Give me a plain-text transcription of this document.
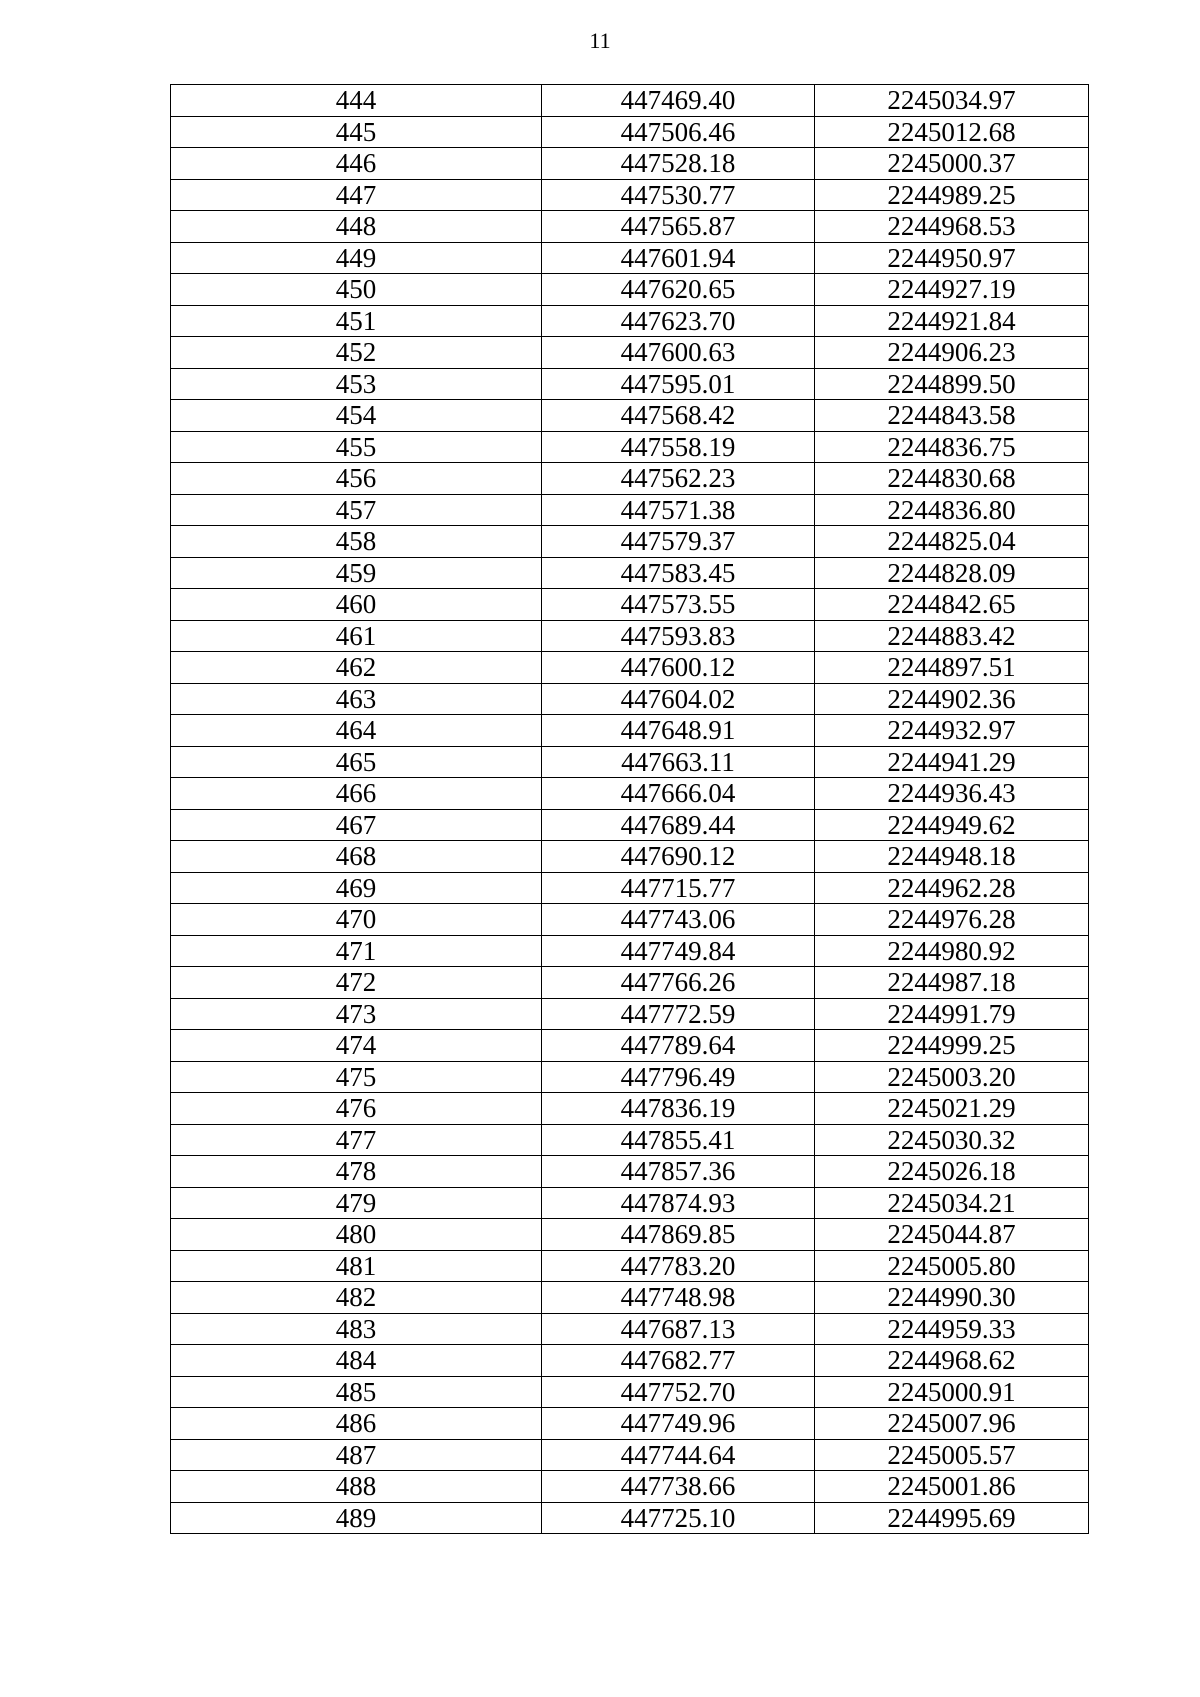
11
444	447469.40	2245034.97
445	447506.46	2245012.68
446	447528.18	2245000.37
447	447530.77	2244989.25
448	447565.87	2244968.53
449	447601.94	2244950.97
450	447620.65	2244927.19
451	447623.70	2244921.84
452	447600.63	2244906.23
453	447595.01	2244899.50
454	447568.42	2244843.58
455	447558.19	2244836.75
456	447562.23	2244830.68
457	447571.38	2244836.80
458	447579.37	2244825.04
459	447583.45	2244828.09
460	447573.55	2244842.65
461	447593.83	2244883.42
462	447600.12	2244897.51
463	447604.02	2244902.36
464	447648.91	2244932.97
465	447663.11	2244941.29
466	447666.04	2244936.43
467	447689.44	2244949.62
468	447690.12	2244948.18
469	447715.77	2244962.28
470	447743.06	2244976.28
471	447749.84	2244980.92
472	447766.26	2244987.18
473	447772.59	2244991.79
474	447789.64	2244999.25
475	447796.49	2245003.20
476	447836.19	2245021.29
477	447855.41	2245030.32
478	447857.36	2245026.18
479	447874.93	2245034.21
480	447869.85	2245044.87
481	447783.20	2245005.80
482	447748.98	2244990.30
483	447687.13	2244959.33
484	447682.77	2244968.62
485	447752.70	2245000.91
486	447749.96	2245007.96
487	447744.64	2245005.57
488	447738.66	2245001.86
489	447725.10	2244995.69
